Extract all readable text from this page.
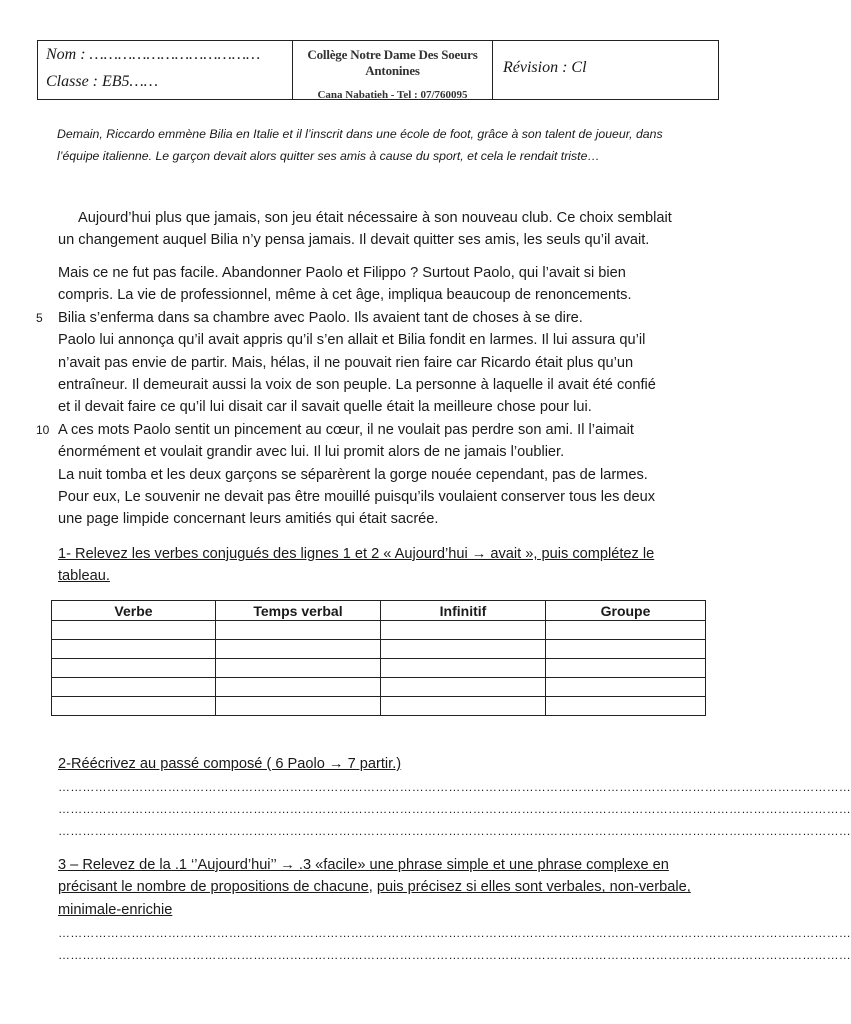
Nom : ………………………………
Classe : EB5……
Collège Notre Dame Des Soeurs Antonines
Cana Nabatieh - Tel : 07/760095
Révision : Cl
Demain, Riccardo emmène Bilia en Italie et il l’inscrit dans une école de foot, grâce à son talent de joueur, dans l’équipe italienne. Le garçon devait alors quitter ses amis à cause du sport, et cela le rendait triste…
Aujourd’hui plus que jamais, son jeu était nécessaire à son nouveau club. Ce choix semblait
un changement auquel Bilia n’y pensa jamais. Il devait quitter ses amis, les seuls qu’il avait.
Mais ce ne fut pas facile. Abandonner Paolo et Filippo ? Surtout Paolo, qui l’avait si bien
compris. La vie de professionnel, même à cet âge, impliqua beaucoup de renoncements.
5 Bilia s’enferma dans sa chambre avec Paolo. Ils avaient tant de choses à se dire.
Paolo lui annonça qu’il avait appris qu’il s’en allait et Bilia fondit en larmes. Il lui assura qu’il
n’avait pas envie de partir. Mais, hélas, il ne pouvait rien faire car Ricardo était plus qu’un
entraîneur. Il demeurait aussi la voix de son peuple. La personne à laquelle il avait été confié
et il devait faire ce qu’il lui disait car il savait quelle était la meilleure chose pour lui.
10 A ces mots Paolo sentit un pincement au cœur, il ne voulait pas perdre son ami. Il l’aimait
énormément et voulait grandir avec lui. Il lui promit alors de ne jamais l’oublier.
La nuit tomba et les deux garçons se séparèrent la gorge nouée cependant, pas de larmes.
Pour eux, Le souvenir ne devait pas être mouillé puisqu’ils voulaient conserver tous les deux
une page limpide concernant leurs amitiés qui était sacrée.
1- Relevez les verbes conjugués des lignes 1 et 2 « Aujourd’hui → avait », puis complétez le tableau.
Verbe	Temps verbal	Infinitif	Groupe

2-Réécrivez au passé composé ( 6 Paolo → 7 partir.)
……………………………………………………………………………………………………………………………………………………………………………
……………………………………………………………………………………………………………………………………………………………………………
……………………………………………………………………………………………………………………………………………………………………………
3 – Relevez de la .1 ‘’Aujourd’hui’’ → .3 «facile» une phrase simple et une phrase complexe en précisant le nombre de propositions de chacune, puis précisez si elles sont verbales, non-verbale, minimale-enrichie
……………………………………………………………………………………………………………………………………………………………………………
……………………………………………………………………………………………………………………………………………………………………………
